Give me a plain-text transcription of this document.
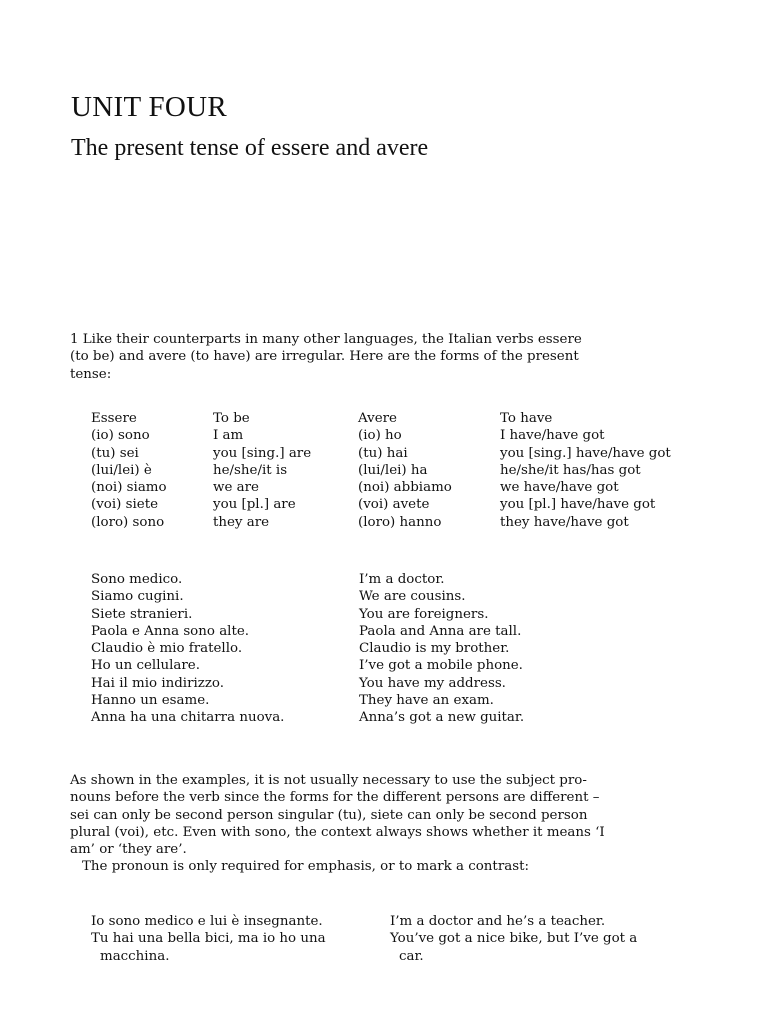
UNIT FOUR
The present tense of essere and avere

1 Like their counterparts in many other languages, the Italian verbs essere
(to be) and avere (to have) are irregular. Here are the forms of the present
tense:

Essere
(io) sono
(tu) sei
(lui/lei) è
(noi) siamo
(voi) siete
(loro) sono
To be
I am
you [sing.] are
he/she/it is
we are
you [pl.] are
they are
Avere
(io) ho
(tu) hai
(lui/lei) ha
(noi) abbiamo
(voi) avete
(loro) hanno
To have
I have/have got
you [sing.] have/have got
he/she/it has/has got
we have/have got
you [pl.] have/have got
they have/have got
Sono medico.
Siamo cugini.
Siete stranieri.
Paola e Anna sono alte.
Claudio è mio fratello.
Ho un cellulare.
Hai il mio indirizzo.
Hanno un esame.
Anna ha una chitarra nuova.
I’m a doctor.
We are cousins.
You are foreigners.
Paola and Anna are tall.
Claudio is my brother.
I’ve got a mobile phone.
You have my address.
They have an exam.
Anna’s got a new guitar.

As shown in the examples, it is not usually necessary to use the subject pro-
nouns before the verb since the forms for the different persons are different –
sei can only be second person singular (tu), siete can only be second person
plural (voi), etc. Even with sono, the context always shows whether it means ‘I
am’ or ‘they are’.
The pronoun is only required for emphasis, or to mark a contrast:

Io sono medico e lui è insegnante.
Tu hai una bella bici, ma io ho una
macchina.
I’m a doctor and he’s a teacher.
You’ve got a nice bike, but I’ve got a
car.
